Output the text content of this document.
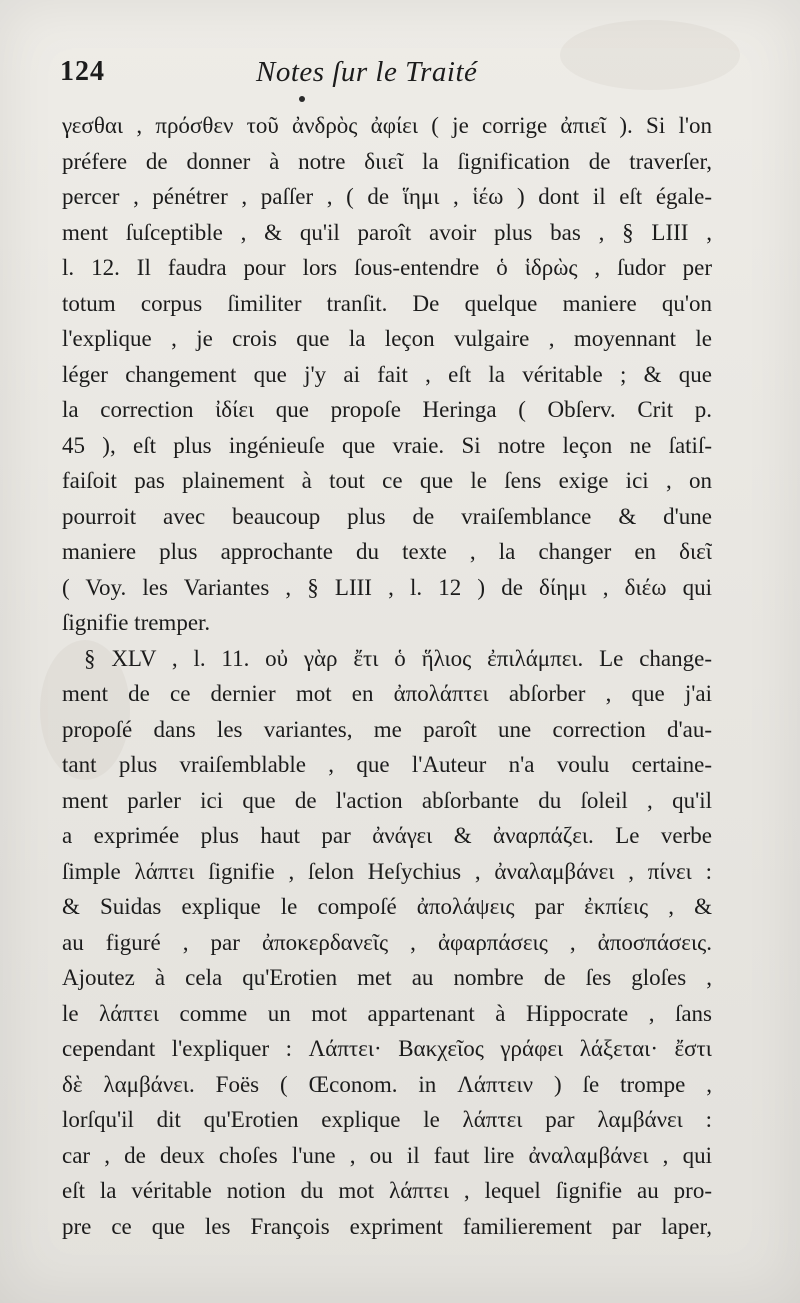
124	Notes ſur le Traité
γεσθαι , πρόσθεν τοῦ ἀνδρὸς ἀφίει ( je corrige ἀπιεῖ ). Si l'on
préfere de donner à notre διιεῖ la ſignification de traverſer,
percer , pénétrer , paſſer , ( de ἵημι , ἱέω ) dont il eſt égale-
ment ſuſceptible , & qu'il paroît avoir plus bas , § LIII ,
l. 12. Il faudra pour lors ſous-entendre ὁ ἱδρὼς , ſudor per
totum corpus ſimiliter tranſit. De quelque maniere qu'on
l'explique , je crois que la leçon vulgaire , moyennant le
léger changement que j'y ai fait , eſt la véritable ; & que
la correction ἰδίει que propoſe Heringa ( Obſerv. Crit p.
45 ), eſt plus ingénieuſe que vraie. Si notre leçon ne ſatiſ-
faiſoit pas plainement à tout ce que le ſens exige ici , on
pourroit avec beaucoup plus de vraiſemblance & d'une
maniere plus approchante du texte , la changer en διεῖ
( Voy. les Variantes , § LIII , l. 12 ) de δίημι , διέω qui
ſignifie tremper.
§ XLV , l. 11. οὐ γὰρ ἔτι ὁ ἥλιος ἐπιλάμπει. Le change-
ment de ce dernier mot en ἀπολάπτει abſorber , que j'ai
propoſé dans les variantes, me paroît une correction d'au-
tant plus vraiſemblable , que l'Auteur n'a voulu certaine-
ment parler ici que de l'action abſorbante du ſoleil , qu'il
a exprimée plus haut par ἀνάγει & ἀναρπάζει. Le verbe
ſimple λάπτει ſignifie , ſelon Heſychius , ἀναλαμβάνει , πίνει :
& Suidas explique le compoſé ἀπολάψεις par ἐκπίεις , &
au figuré , par ἀποκερδανεῖς , ἀφαρπάσεις , ἀποσπάσεις.
Ajoutez à cela qu'Erotien met au nombre de ſes gloſes ,
le λάπτει comme un mot appartenant à Hippocrate , ſans
cependant l'expliquer : Λάπτει· Βακχεῖος γράφει λάξεται· ἔστι
δὲ λαμβάνει. Foës ( Œconom. in Λάπτειν ) ſe trompe ,
lorſqu'il dit qu'Erotien explique le λάπτει par λαμβάνει :
car , de deux choſes l'une , ou il faut lire ἀναλαμβάνει , qui
eſt la véritable notion du mot λάπτει , lequel ſignifie au pro-
pre ce que les François expriment familierement par laper,
